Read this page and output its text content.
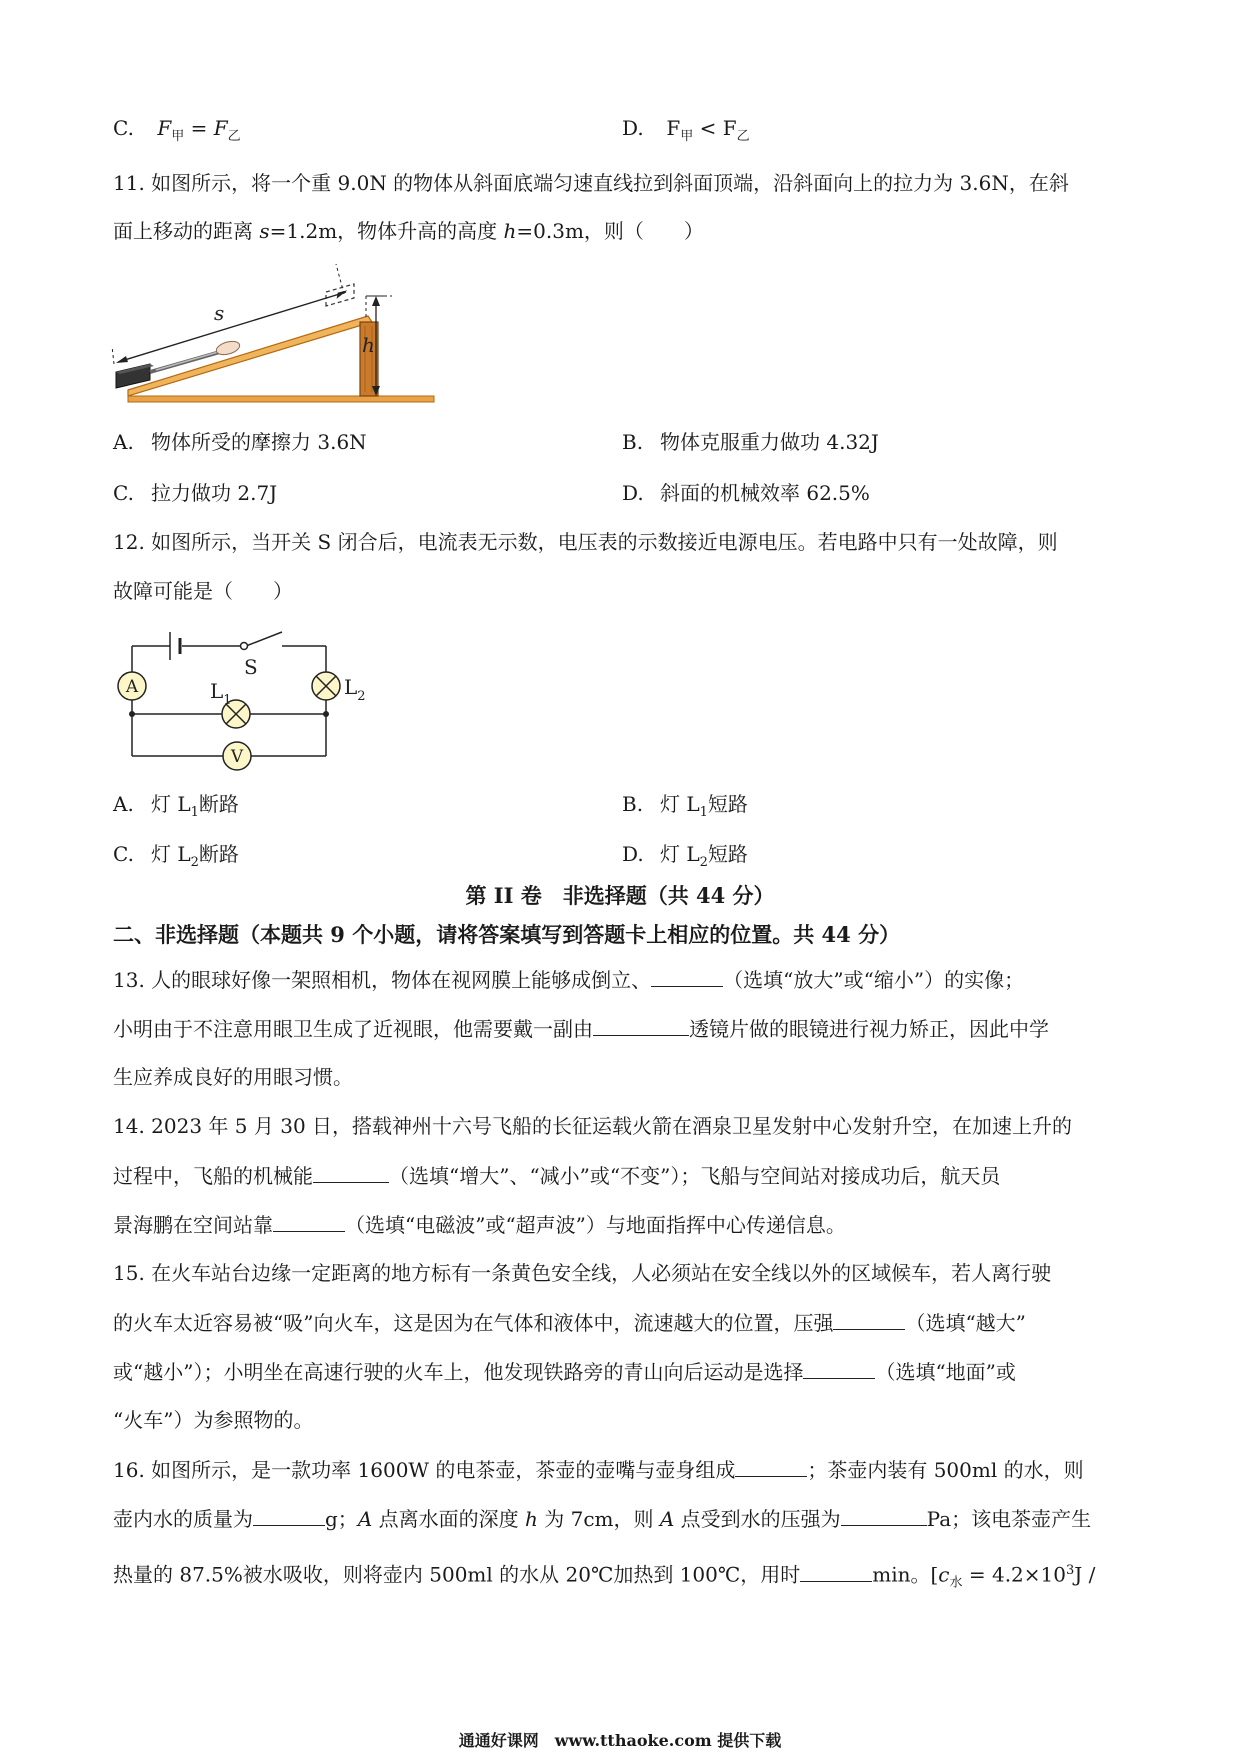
C. $F_甲 = F_乙$	D. $F_甲 < F_乙$
11. 如图所示，将一个重 9.0N 的物体从斜面底端匀速直线拉到斜面顶端，沿斜面向上的拉力为 3.6N，在斜
面上移动的距离 s=1.2m，物体升高的高度 h=0.3m，则（　　）
s
h
A. 物体所受的摩擦力 3.6N	B. 物体克服重力做功 4.32J
C. 拉力做功 2.7J	D. 斜面的机械效率 62.5%
12. 如图所示，当开关 S 闭合后，电流表无示数，电压表的示数接近电源电压。若电路中只有一处故障，则
故障可能是（　　）
S
A	$L_2$
$L_1$
V
A. 灯 $L_1$断路	B. 灯 $L_1$短路
C. 灯 $L_2$断路	D. 灯 $L_2$短路
第 II 卷　非选择题（共 44 分）
二、非选择题（本题共 9 个小题，请将答案填写到答题卡上相应的位置。共 44 分）
13. 人的眼球好像一架照相机，物体在视网膜上能够成倒立、	（选填“放大”或“缩小”）的实像；
小明由于不注意用眼卫生成了近视眼，他需要戴一副由	透镜片做的眼镜进行视力矫正，因此中学
生应养成良好的用眼习惯。
14. 2023 年 5 月 30 日，搭载神州十六号飞船的长征运载火箭在酒泉卫星发射中心发射升空，在加速上升的
过程中，飞船的机械能	（选填“增大”、“减小”或“不变”）；飞船与空间站对接成功后，航天员
景海鹏在空间站靠	（选填“电磁波”或“超声波”）与地面指挥中心传递信息。
15. 在火车站台边缘一定距离的地方标有一条黄色安全线，人必须站在安全线以外的区域候车，若人离行驶
的火车太近容易被“吸”向火车，这是因为在气体和液体中，流速越大的位置，压强	（选填“越大”
或“越小”）；小明坐在高速行驶的火车上，他发现铁路旁的青山向后运动是选择	（选填“地面”或
“火车”）为参照物的。
16. 如图所示，是一款功率 1600W 的电茶壶，茶壶的壶嘴与壶身组成	；茶壶内装有 500ml 的水，则
壶内水的质量为	g；A 点离水面的深度 h 为 7cm，则 A 点受到水的压强为	Pa；该电茶壶产生
热量的 87.5%被水吸收，则将壶内 500ml 的水从 20℃加热到 100℃，用时	min。[$c_水 = 4.2\times 10^3J$ /
通通好课网　www.tthaoke.com 提供下载
